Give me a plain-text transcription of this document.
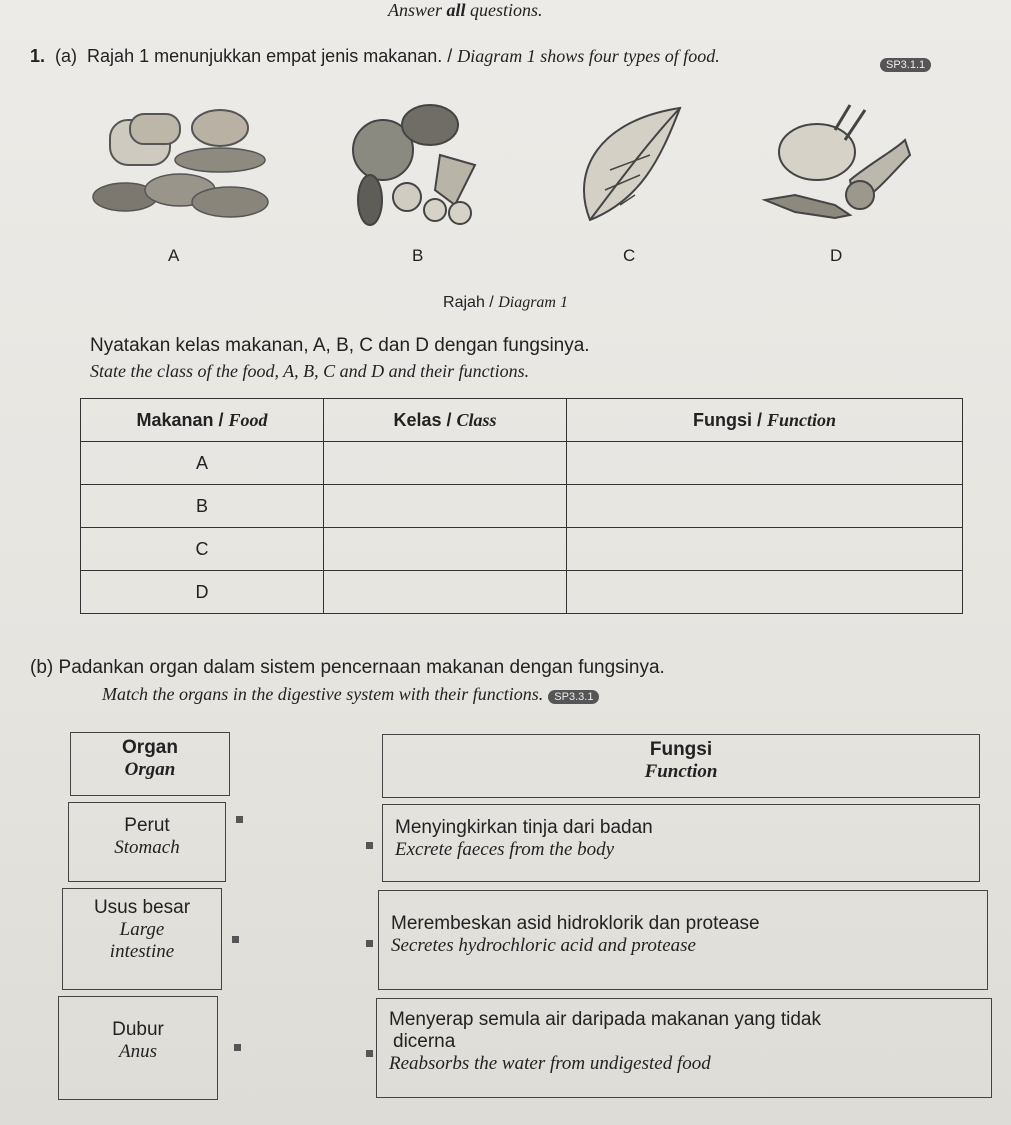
Answer all questions.
1. (a) Rajah 1 menunjukkan empat jenis makanan. / Diagram 1 shows four types of food.	SP3.1.1
A	B	C	D
Rajah / Diagram 1
Nyatakan kelas makanan, A, B, C dan D dengan fungsinya.
State the class of the food, A, B, C and D and their functions.
Makanan / Food	Kelas / Class	Fungsi / Function
A		
B		
C		
D		
(b) Padankan organ dalam sistem pencernaan makanan dengan fungsinya.
Match the organs in the digestive system with their functions. SP3.3.1
Organ
Organ
Fungsi
Function
Perut
Stomach
Usus besar
Large
intestine
Dubur
Anus
Menyingkirkan tinja dari badan
Excrete faeces from the body
Merembeskan asid hidroklorik dan protease
Secretes hydrochloric acid and protease
Menyerap semula air daripada makanan yang tidak
dicerna
Reabsorbs the water from undigested food
